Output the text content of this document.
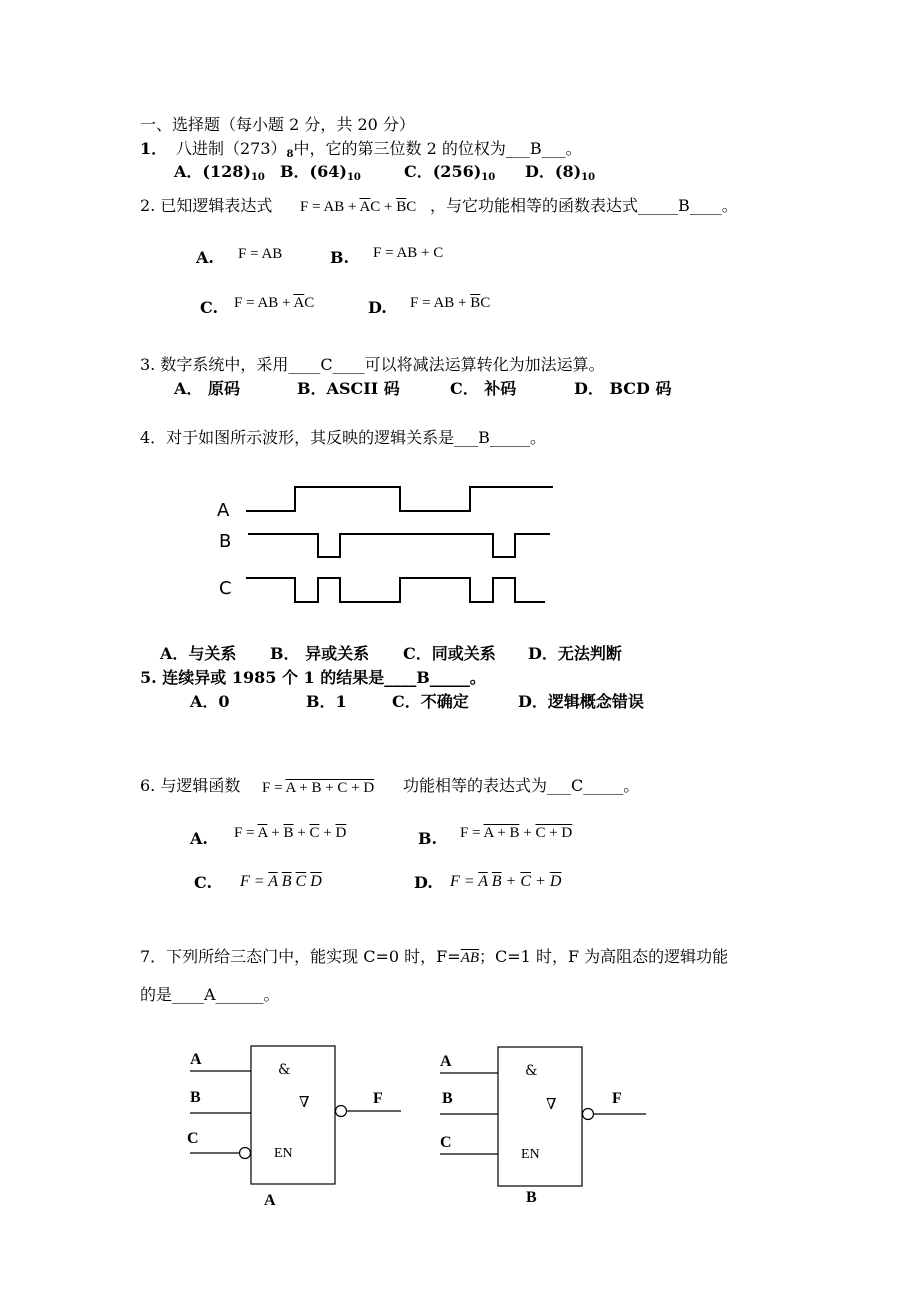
一、选择题（每小题 2 分，共 20 分）
1． 八进制$(273)_8$中，它的第三位数 2 的位权为___B___。
A．$(128)_{10}$ B．$(64)_{10}$	C．$(256)_{10}$ D．$(8)_{10}$
2. 已知逻辑表达式 F = AB + $\overline{A}C + \overline{B}C$ ，与它功能相等的函数表达式_____B____。
A. F = AB	B. F = AB + C
C. F = AB + $\overline{A}C$	D. F = AB + $\overline{B}C$
3. 数字系统中，采用____C____可以将减法运算转化为加法运算。
A． 原码	B．ASCII 码	C． 补码	D． BCD 码
4．对于如图所示波形，其反映的逻辑关系是___B_____。
A
B
C
A．与关系 B． 异或关系 C．同或关系 D．无法判断
5. 连续异或 1985 个 1 的结果是____B_____。
A．0	B．1	C．不确定	D．逻辑概念错误
6. 与逻辑函数 F = A + B + C + D 功能相等的表达式为___C_____。
A. $F = \overline{A} + \overline{B} + \overline{C} + \overline{D}$	B. F = A + B + C + D
C. $F = \overline{A}$ $\overline{B}$ $\overline{C}$ $\overline{D}$	D. $F = \overline{A}$ $\overline{B} + \overline{C} + \overline{D}$
7．下列所给三态门中，能实现 C=0 时，$F=\overline{AB}$；C=1 时，F 为高阻态的逻辑功能
的是____A______。
A
B
C
&
∇
EN
F
A
A
B
C
&
∇
EN
F
B
